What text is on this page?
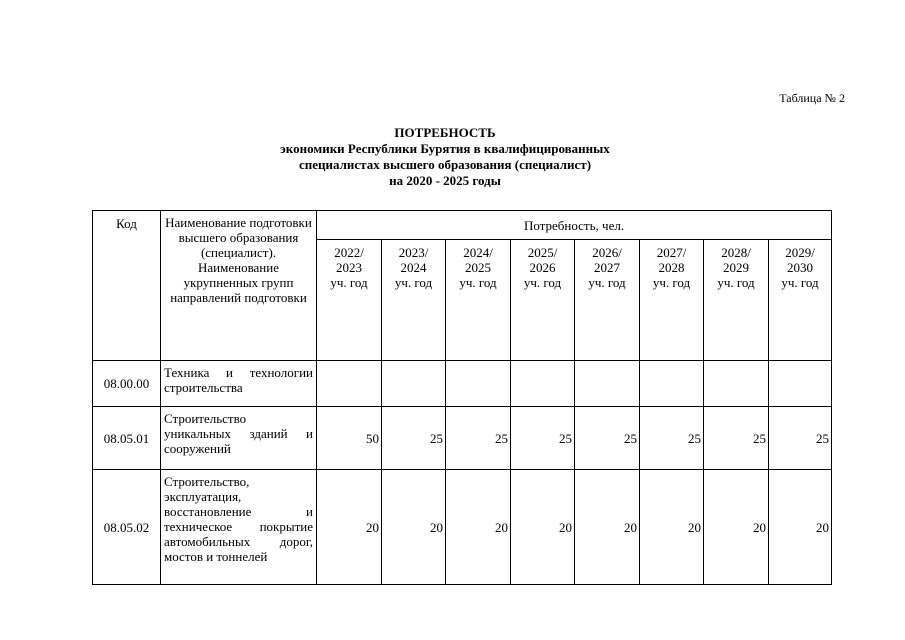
Таблица № 2
ПОТРЕБНОСТЬ
экономики Республики Бурятия в квалифицированных
специалистах высшего образования (специалист)
на 2020 - 2025 годы
Код	Наименование подготовки высшего образования (специалист). Наименование укрупненных групп направлений подготовки	Потребность, чел.							

		2022/
2023
уч. год	2023/
2024
уч. год	2024/
2025
уч. год	2025/
2026
уч. год	2026/
2027
уч. год	2027/
2028
уч. год	2028/
2029
уч. год	2029/
2030
уч. год

08.00.00	Техника и технологии строительства								
08.05.01	Строительство уникальных зданий и сооружений	50	25	25	25	25	25	25	25
08.05.02	Строительство, эксплуатация, восстановление и техническое покрытие автомобильных дорог, мостов и тоннелей	20	20	20	20	20	20	20	20
